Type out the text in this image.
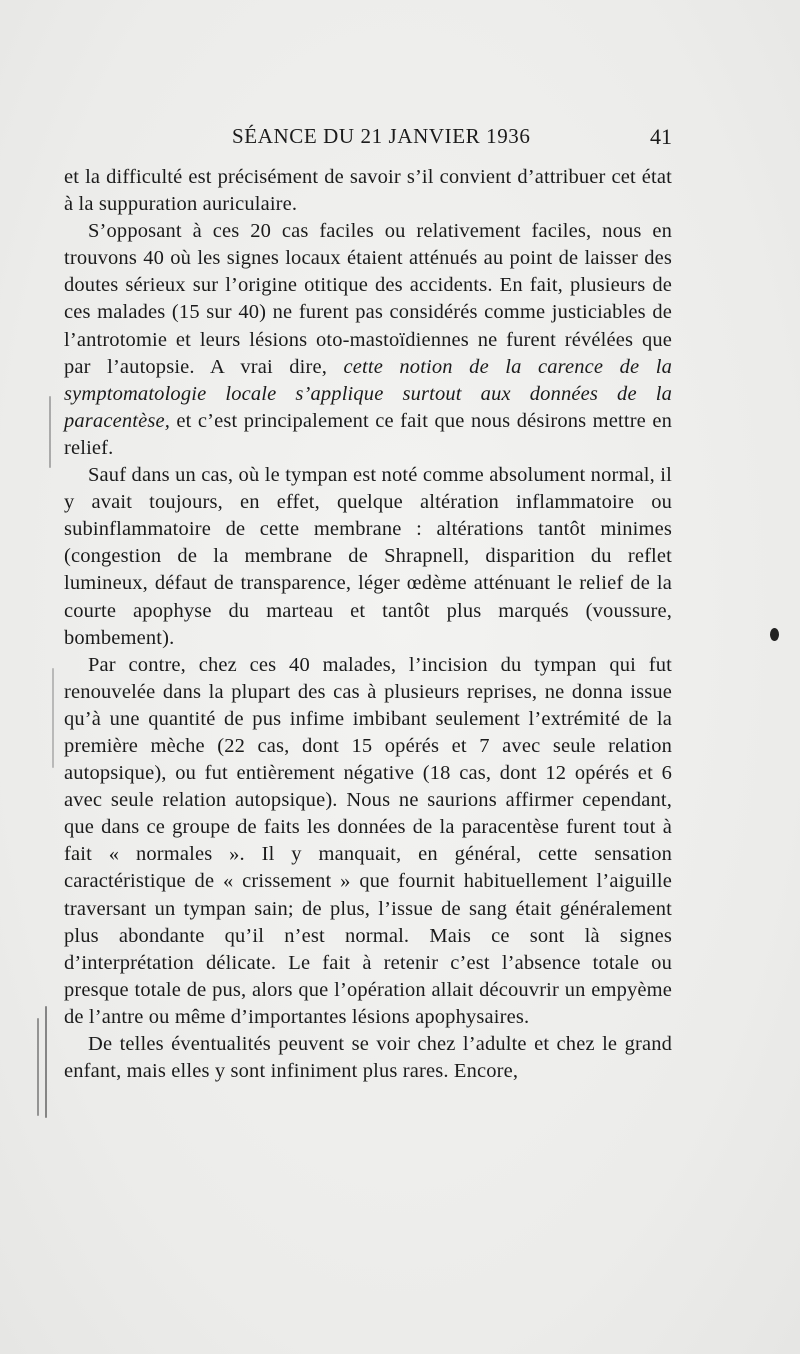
SÉANCE DU 21 JANVIER 1936	41

et la difficulté est précisément de savoir s’il convient d’attribuer cet état à la suppuration auriculaire.

S’opposant à ces 20 cas faciles ou relativement faciles, nous en trouvons 40 où les signes locaux étaient atténués au point de laisser des doutes sérieux sur l’origine otitique des accidents. En fait, plusieurs de ces malades (15 sur 40) ne furent pas considérés comme justiciables de l’antrotomie et leurs lésions oto-mastoïdiennes ne furent révélées que par l’autopsie. A vrai dire, cette notion de la carence de la symptomatologie locale s’applique surtout aux données de la paracentèse, et c’est principalement ce fait que nous désirons mettre en relief.

Sauf dans un cas, où le tympan est noté comme absolument normal, il y avait toujours, en effet, quelque altération inflammatoire ou subinflammatoire de cette membrane : altérations tantôt minimes (congestion de la membrane de Shrapnell, disparition du reflet lumineux, défaut de transparence, léger œdème atténuant le relief de la courte apophyse du marteau et tantôt plus marqués (voussure, bombement).

Par contre, chez ces 40 malades, l’incision du tympan qui fut renouvelée dans la plupart des cas à plusieurs reprises, ne donna issue qu’à une quantité de pus infime imbibant seulement l’extrémité de la première mèche (22 cas, dont 15 opérés et 7 avec seule relation autopsique), ou fut entièrement négative (18 cas, dont 12 opérés et 6 avec seule relation autopsique). Nous ne saurions affirmer cependant, que dans ce groupe de faits les données de la paracentèse furent tout à fait « normales ». Il y manquait, en général, cette sensation caractéristique de « crissement » que fournit habituellement l’aiguille traversant un tympan sain; de plus, l’issue de sang était généralement plus abondante qu’il n’est normal. Mais ce sont là signes d’interprétation délicate. Le fait à retenir c’est l’absence totale ou presque totale de pus, alors que l’opération allait découvrir un empyème de l’antre ou même d’importantes lésions apophysaires.

De telles éventualités peuvent se voir chez l’adulte et chez le grand enfant, mais elles y sont infiniment plus rares. Encore,
